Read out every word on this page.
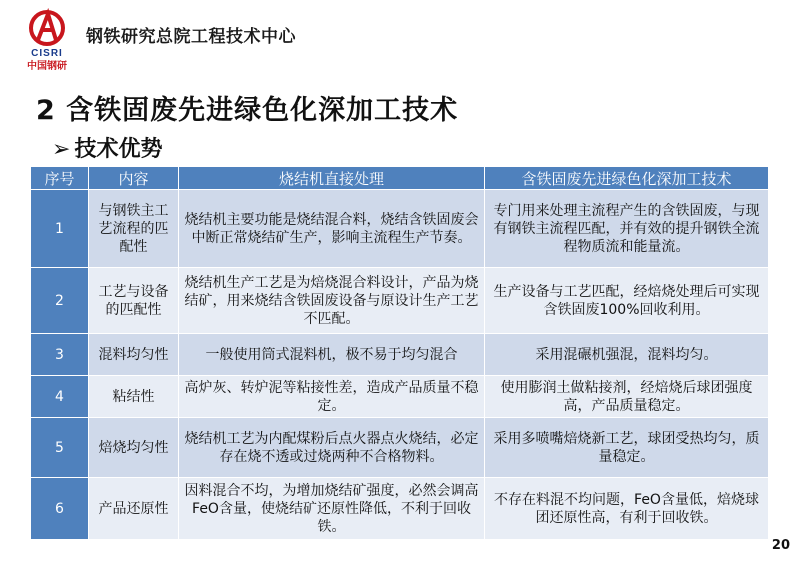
CISRI
中国钢研
钢铁研究总院工程技术中心
2 含铁固废先进绿色化深加工技术
➢ 技术优势
序号	内容	烧结机直接处理	含铁固废先进绿色化深加工技术
1	与钢铁主工艺流程的匹配性	烧结机主要功能是烧结混合料，烧结含铁固废会中断正常烧结矿生产，影响主流程生产节奏。	专门用来处理主流程产生的含铁固废，与现有钢铁主流程匹配，并有效的提升钢铁全流程物质流和能量流。
2	工艺与设备的匹配性	烧结机生产工艺是为焙烧混合料设计，产品为烧结矿，用来烧结含铁固废设备与原设计生产工艺不匹配。	生产设备与工艺匹配，经焙烧处理后可实现含铁固废100%回收利用。
3	混料均匀性	一般使用筒式混料机，极不易于均匀混合	采用混碾机强混，混料均匀。
4	粘结性	高炉灰、转炉泥等粘接性差，造成产品质量不稳定。	使用膨润土做粘接剂，经焙烧后球团强度高，产品质量稳定。
5	焙烧均匀性	烧结机工艺为内配煤粉后点火器点火烧结，必定存在烧不透或过烧两种不合格物料。	采用多喷嘴焙烧新工艺，球团受热均匀，质量稳定。
6	产品还原性	因料混合不均，为增加烧结矿强度，必然会调高FeO含量，使烧结矿还原性降低，不利于回收铁。	不存在料混不均问题，FeO含量低，焙烧球团还原性高，有利于回收铁。
20
